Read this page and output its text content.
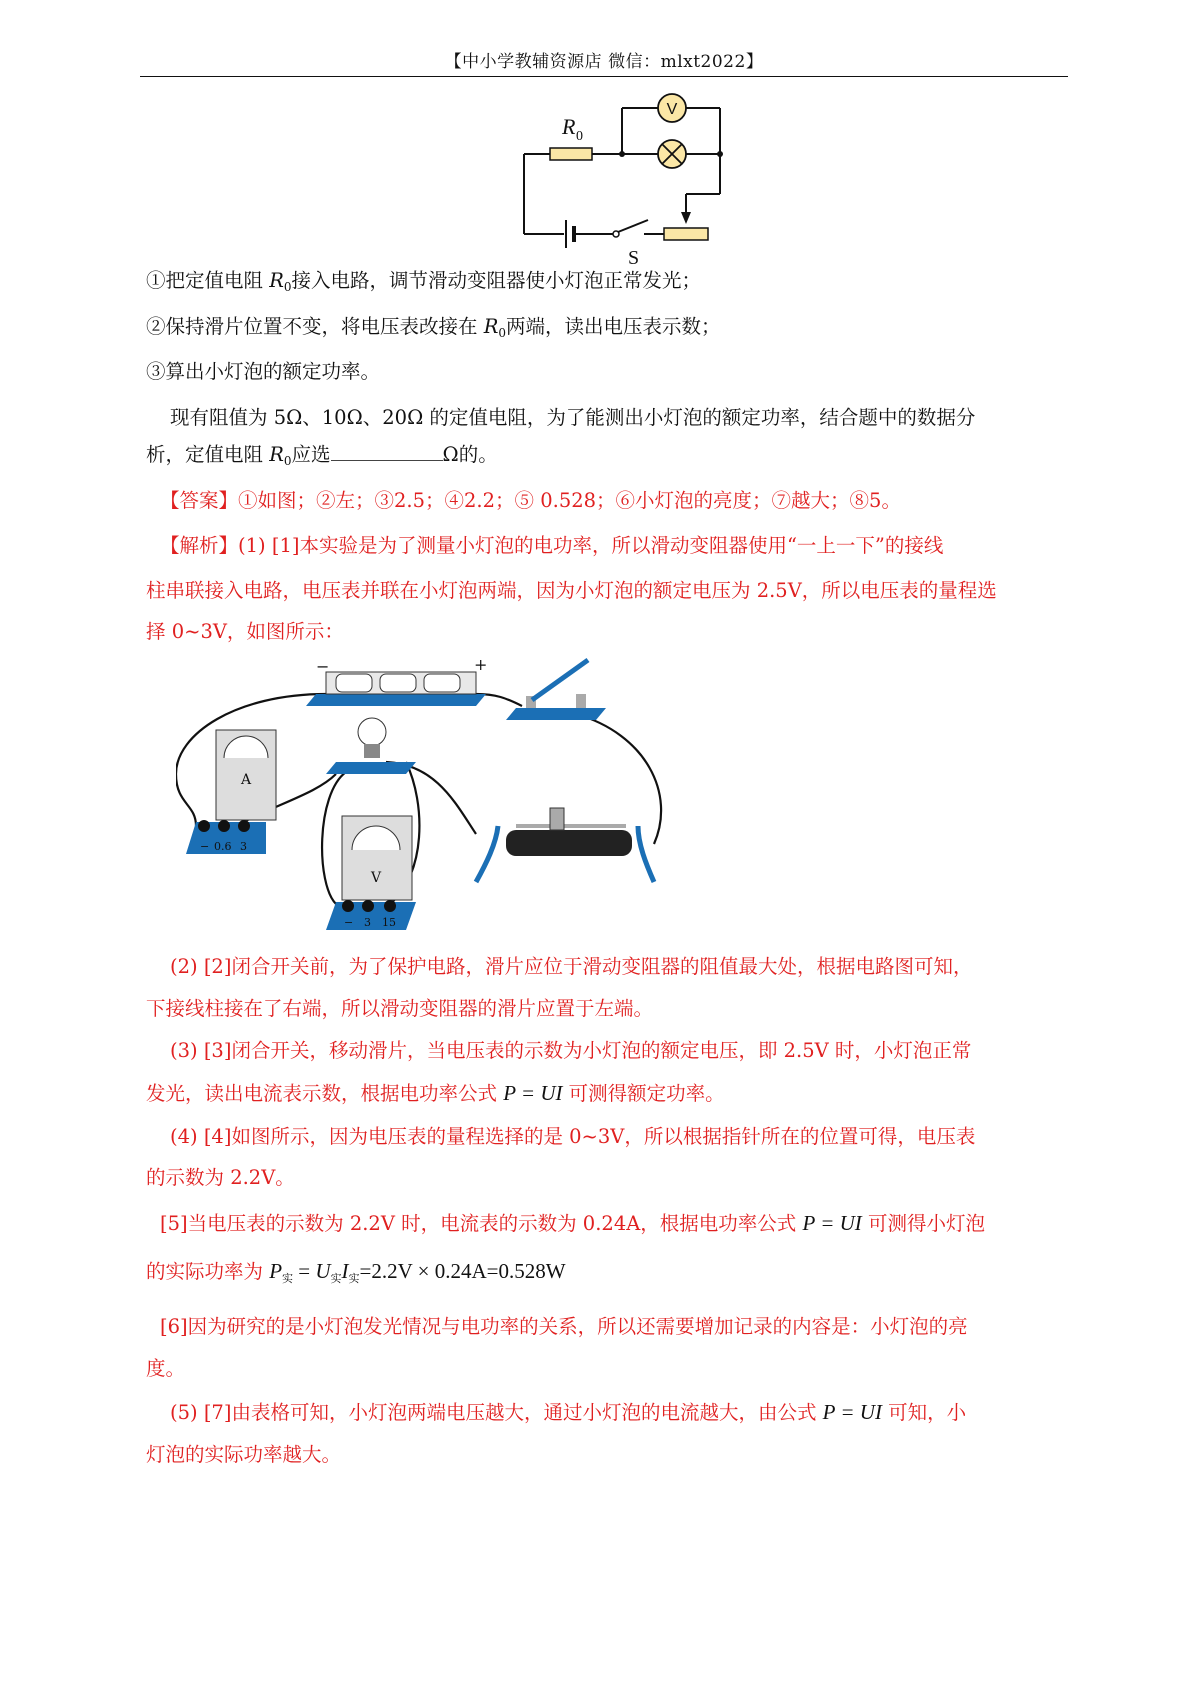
【中小学教辅资源店 微信：mlxt2022】
R 0
V
S
①把定值电阻 $R_0$接入电路，调节滑动变阻器使小灯泡正常发光；
②保持滑片位置不变，将电压表改接在 $R_0$两端，读出电压表示数；
③算出小灯泡的额定功率。
现有阻值为 5Ω、10Ω、20Ω 的定值电阻，为了能测出小灯泡的额定功率，结合题中的数据分
析，定值电阻 $R_0$应选	Ω的。
【答案】①如图；②左；③2.5；④2.2；⑤ 0.528；⑥小灯泡的亮度；⑦越大；⑧5。
【解析】(1) [1]本实验是为了测量小灯泡的电功率，所以滑动变阻器使用“一上一下”的接线
柱串联接入电路，电压表并联在小灯泡两端，因为小灯泡的额定电压为 2.5V，所以电压表的量程选
择 0~3V，如图所示：
−	+
A
− 0.6 3
V
− 3 15
(2) [2]闭合开关前，为了保护电路，滑片应位于滑动变阻器的阻值最大处，根据电路图可知，
下接线柱接在了右端，所以滑动变阻器的滑片应置于左端。
(3) [3]闭合开关，移动滑片，当电压表的示数为小灯泡的额定电压，即 2.5V 时，小灯泡正常
发光，读出电流表示数，根据电功率公式 P = UI 可测得额定功率。
(4) [4]如图所示，因为电压表的量程选择的是 0~3V，所以根据指针所在的位置可得，电压表
的示数为 2.2V。
[5]当电压表的示数为 2.2V 时，电流表的示数为 0.24A，根据电功率公式 P = UI 可测得小灯泡
的实际功率为 $P_实 = U_实I_实=2.2V \times 0.24A=0.528W$
[6]因为研究的是小灯泡发光情况与电功率的关系，所以还需要增加记录的内容是：小灯泡的亮
度。
(5) [7]由表格可知，小灯泡两端电压越大，通过小灯泡的电流越大，由公式 P = UI 可知，小
灯泡的实际功率越大。
